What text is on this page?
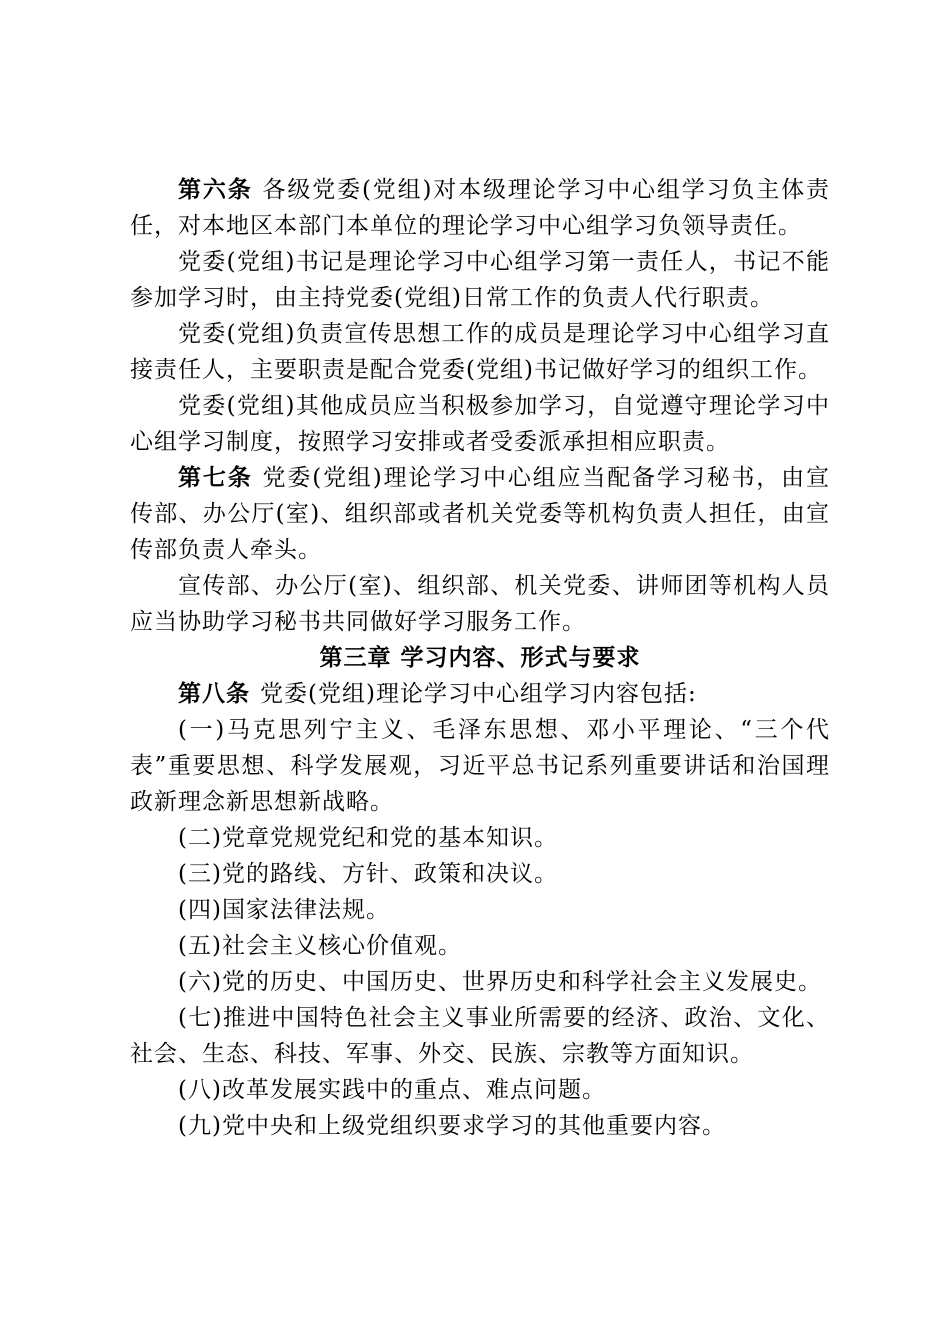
第六条 各级党委(党组)对本级理论学习中心组学习负主体责任，对本地区本部门本单位的理论学习中心组学习负领导责任。

党委(党组)书记是理论学习中心组学习第一责任人，书记不能参加学习时，由主持党委(党组)日常工作的负责人代行职责。

党委(党组)负责宣传思想工作的成员是理论学习中心组学习直接责任人，主要职责是配合党委(党组)书记做好学习的组织工作。

党委(党组)其他成员应当积极参加学习，自觉遵守理论学习中心组学习制度，按照学习安排或者受委派承担相应职责。

第七条 党委(党组)理论学习中心组应当配备学习秘书，由宣传部、办公厅(室)、组织部或者机关党委等机构负责人担任，由宣传部负责人牵头。

宣传部、办公厅(室)、组织部、机关党委、讲师团等机构人员应当协助学习秘书共同做好学习服务工作。

第三章 学习内容、形式与要求

第八条 党委(党组)理论学习中心组学习内容包括:

(一)马克思列宁主义、毛泽东思想、邓小平理论、“三个代表”重要思想、科学发展观，习近平总书记系列重要讲话和治国理政新理念新思想新战略。

(二)党章党规党纪和党的基本知识。

(三)党的路线、方针、政策和决议。

(四)国家法律法规。

(五)社会主义核心价值观。

(六)党的历史、中国历史、世界历史和科学社会主义发展史。

(七)推进中国特色社会主义事业所需要的经济、政治、文化、社会、生态、科技、军事、外交、民族、宗教等方面知识。

(八)改革发展实践中的重点、难点问题。

(九)党中央和上级党组织要求学习的其他重要内容。
